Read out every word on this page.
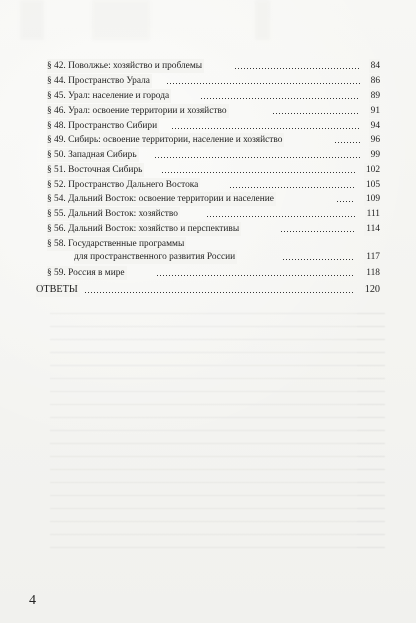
§ 42. Поволжье: хозяйство и проблемы	84
§ 44. Пространство Урала	86
§ 45. Урал: население и города	89
§ 46. Урал: освоение территории и хозяйство	91
§ 48. Пространство Сибири	94
§ 49. Сибирь: освоение территории, население и хозяйство	96
§ 50. Западная Сибирь	99
§ 51. Восточная Сибирь	102
§ 52. Пространство Дальнего Востока	105
§ 54. Дальний Восток: освоение территории и население	109
§ 55. Дальний Восток: хозяйство	111
§ 56. Дальний Восток: хозяйство и перспективы	114
§ 58. Государственные программы
для пространственного развития России	117
§ 59. Россия в мире	118
ОТВЕТЫ	120
4
